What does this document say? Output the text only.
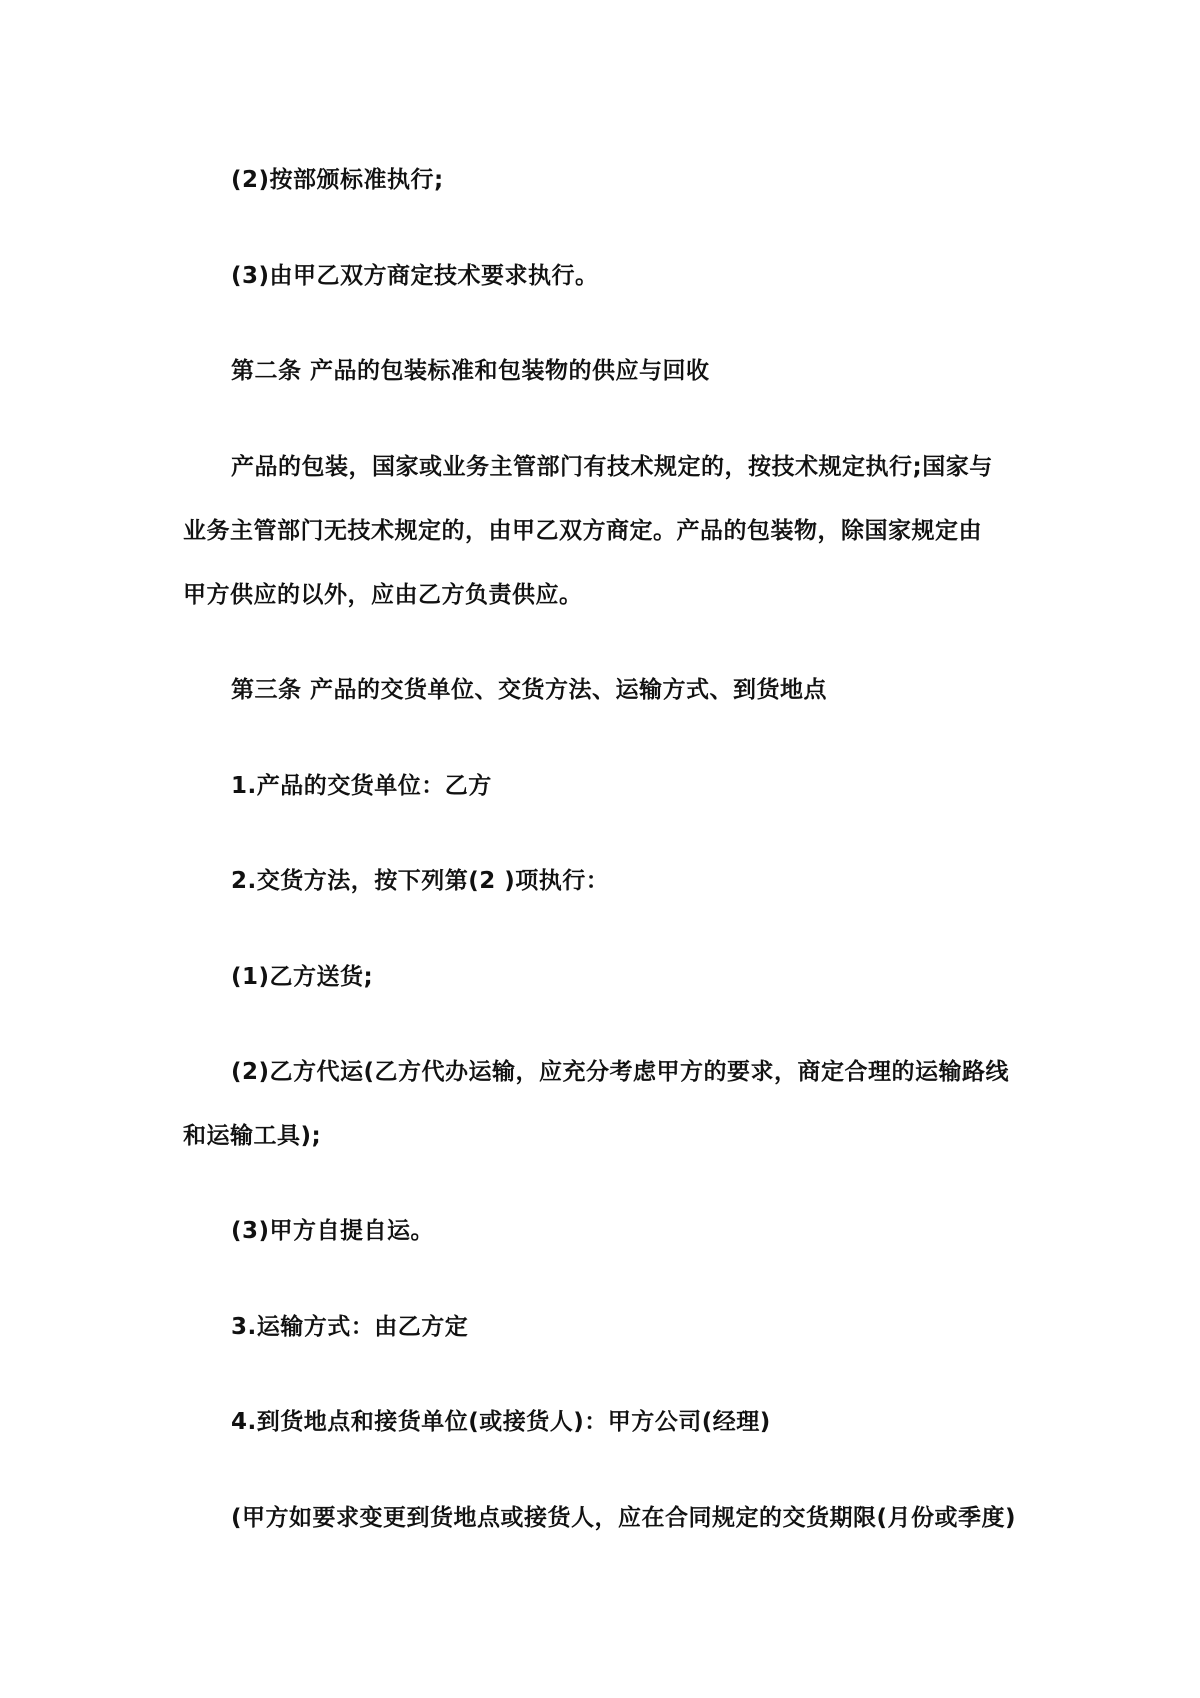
(2)按部颁标准执行;
(3)由甲乙双方商定技术要求执行。
第二条 产品的包装标准和包装物的供应与回收
产品的包装，国家或业务主管部门有技术规定的，按技术规定执行;国家与
业务主管部门无技术规定的，由甲乙双方商定。产品的包装物，除国家规定由
甲方供应的以外，应由乙方负责供应。
第三条 产品的交货单位、交货方法、运输方式、到货地点
1.产品的交货单位：乙方
2.交货方法，按下列第(2 )项执行：
(1)乙方送货;
(2)乙方代运(乙方代办运输，应充分考虑甲方的要求，商定合理的运输路线
和运输工具);
(3)甲方自提自运。
3.运输方式：由乙方定
4.到货地点和接货单位(或接货人)：甲方公司(经理)
(甲方如要求变更到货地点或接货人，应在合同规定的交货期限(月份或季度)
